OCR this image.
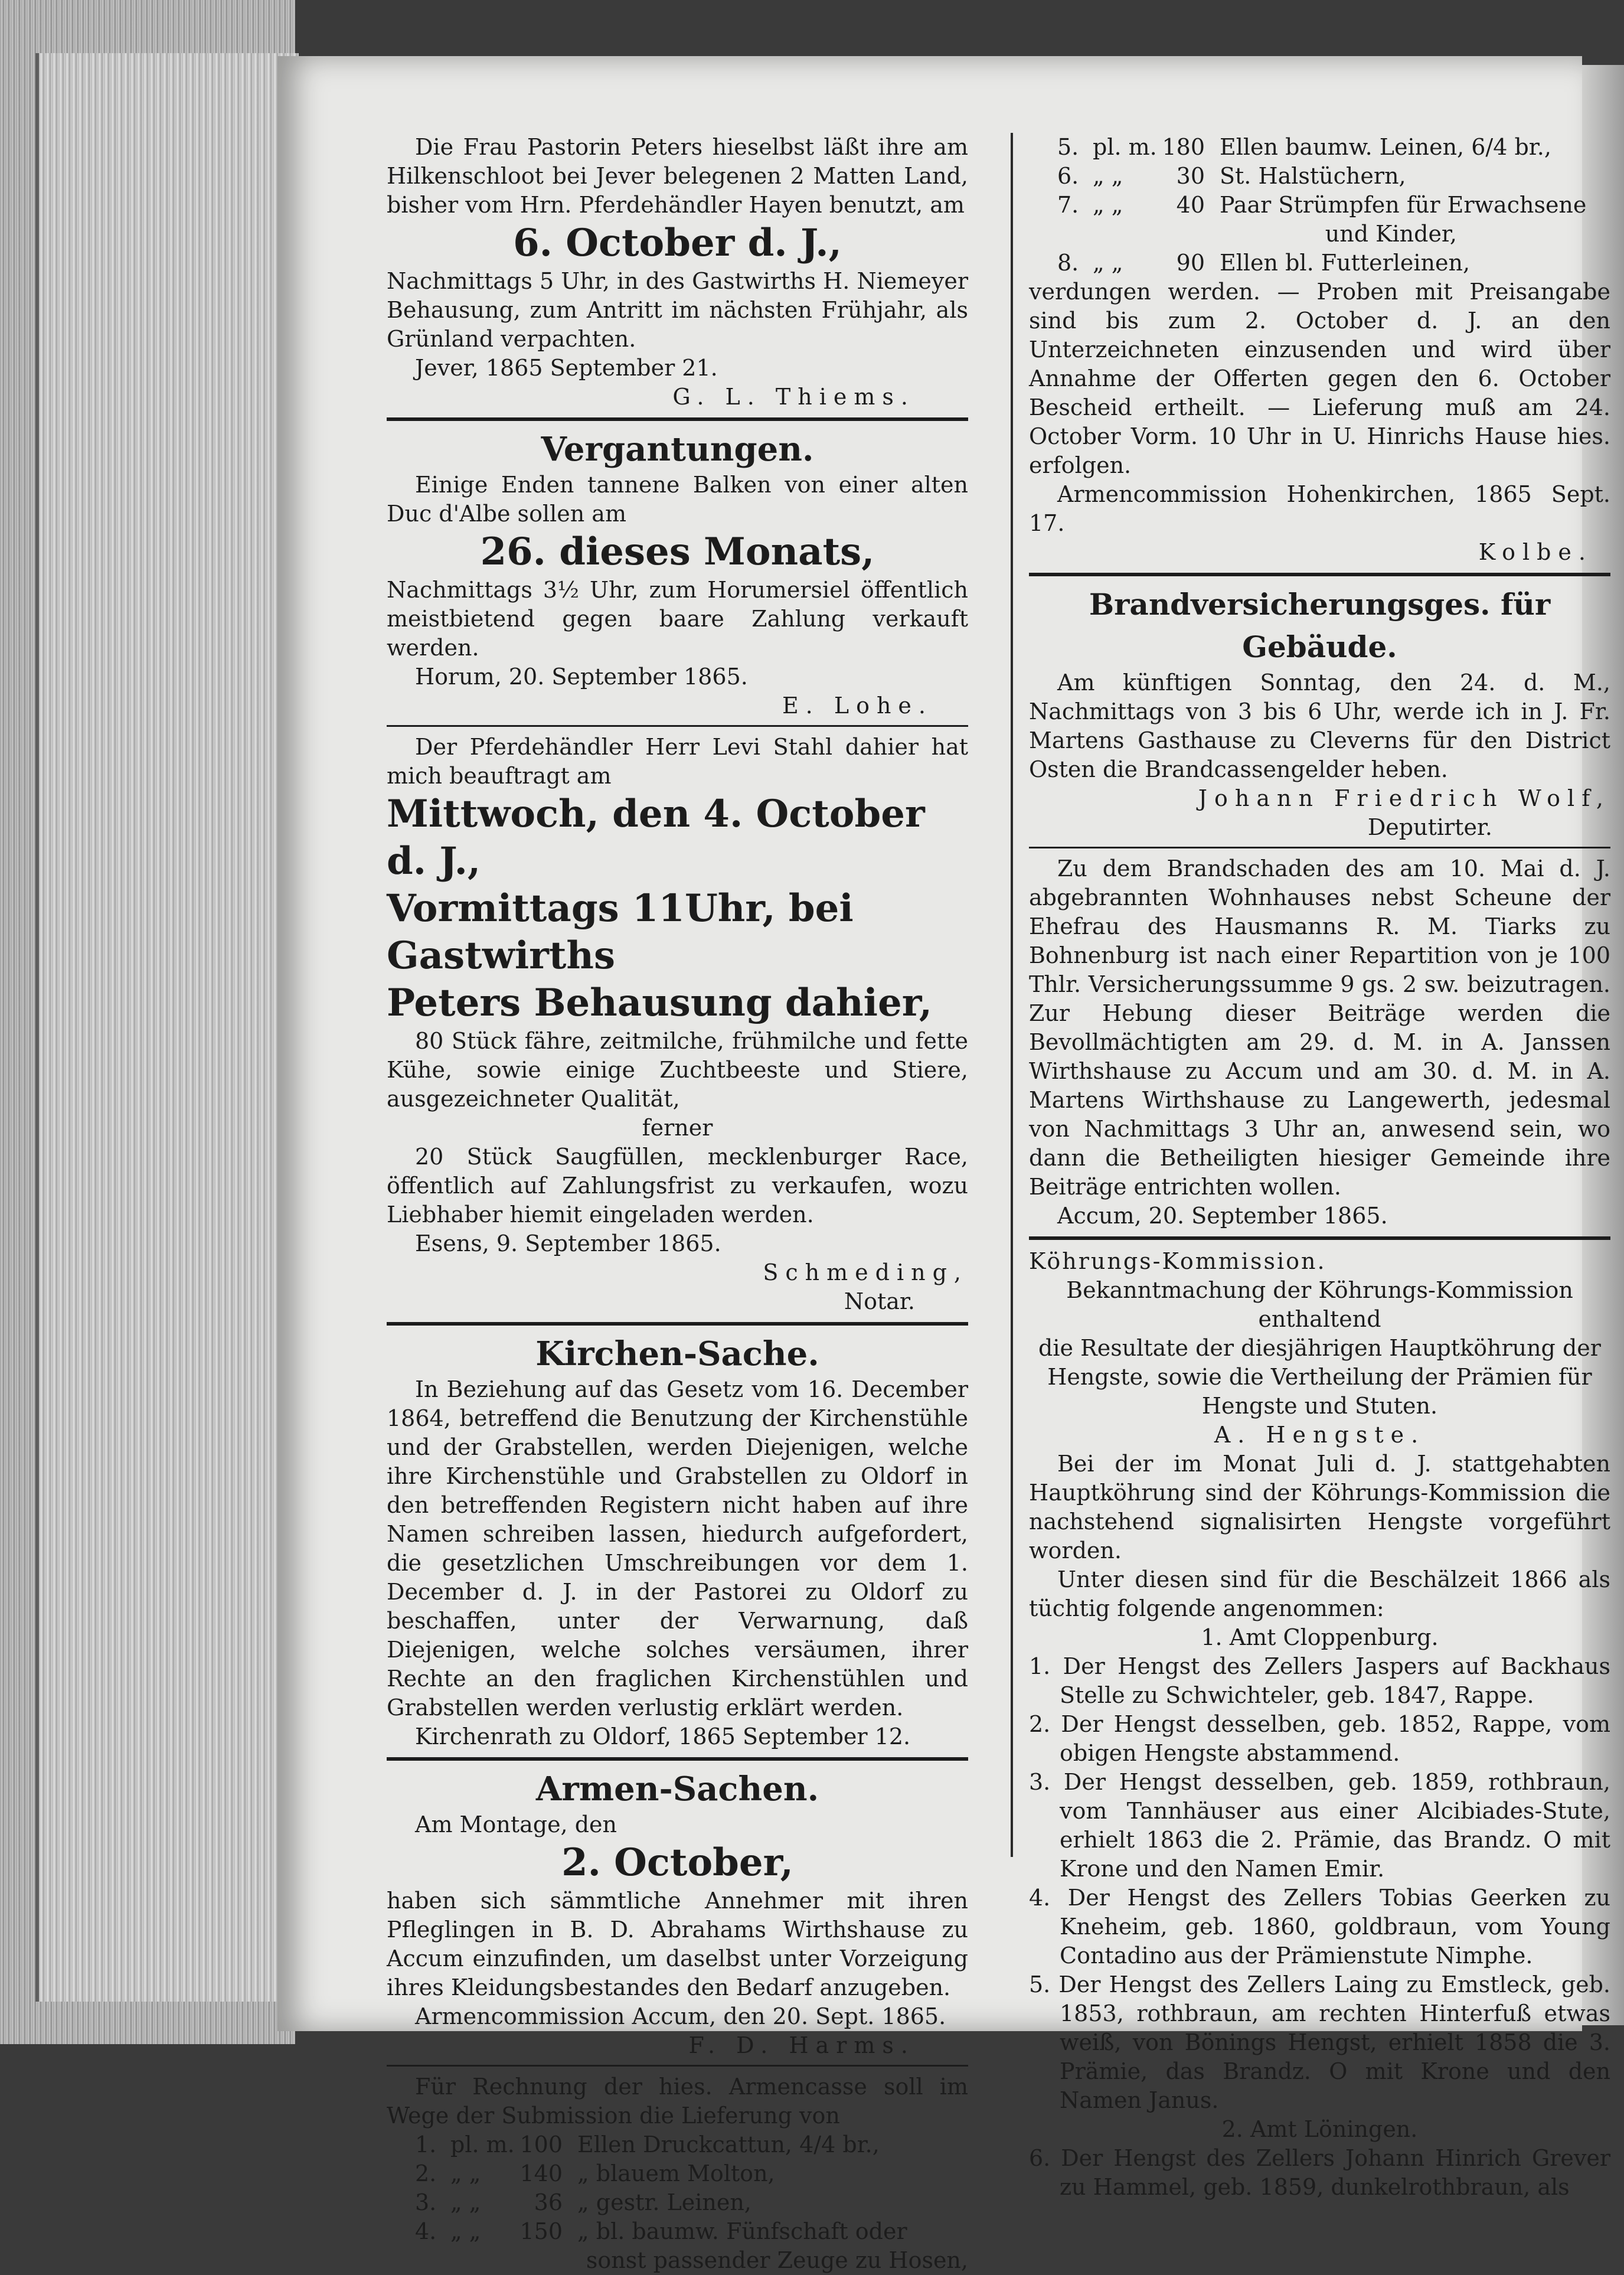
Die Frau Pastorin Peters hieselbst läßt ihre am Hilkenschloot bei Jever belegenen 2 Matten Land, bisher vom Hrn. Pferdehändler Hayen benutzt, am

6. October d. J.,

Nachmittags 5 Uhr, in des Gastwirths H. Niemeyer Behausung, zum Antritt im nächsten Frühjahr, als Grünland verpachten.

Jever, 1865 September 21.

G. L. Thiems.

Vergantungen.

Einige Enden tannene Balken von einer alten Duc d'Albe sollen am

26. dieses Monats,

Nachmittags 3½ Uhr, zum Horumersiel öffentlich meistbietend gegen baare Zahlung verkauft werden.

Horum, 20. September 1865.

E. Lohe.

Der Pferdehändler Herr Levi Stahl dahier hat mich beauftragt am

Mittwoch, den 4. October d. J.,

Vormittags 11Uhr, bei Gastwirths

Peters Behausung dahier,

80 Stück fähre, zeitmilche, frühmilche und fette Kühe, sowie einige Zuchtbeeste und Stiere, ausgezeichneter Qualität,

ferner

20 Stück Saugfüllen, mecklenburger Race, öffentlich auf Zahlungsfrist zu verkaufen, wozu Liebhaber hiemit eingeladen werden.

Esens, 9. September 1865.

Schmeding,

Notar.

Kirchen-Sache.

In Beziehung auf das Gesetz vom 16. December 1864, betreffend die Benutzung der Kirchenstühle und der Grabstellen, werden Diejenigen, welche ihre Kirchenstühle und Grabstellen zu Oldorf in den betreffenden Registern nicht haben auf ihre Namen schreiben lassen, hiedurch aufgefordert, die gesetzlichen Umschreibungen vor dem 1. December d. J. in der Pastorei zu Oldorf zu beschaffen, unter der Verwarnung, daß Diejenigen, welche solches versäumen, ihrer Rechte an den fraglichen Kirchenstühlen und Grabstellen werden verlustig erklärt werden.

Kirchenrath zu Oldorf, 1865 September 12.

Armen-Sachen.

Am Montage, den

2. October,

haben sich sämmtliche Annehmer mit ihren Pfleglingen in B. D. Abrahams Wirthshause zu Accum einzufinden, um daselbst unter Vorzeigung ihres Kleidungsbestandes den Bedarf anzugeben.

Armencommission Accum, den 20. Sept. 1865.

F. D. Harms.

Für Rechnung der hies. Armencasse soll im Wege der Submission die Lieferung von

1. pl. m. 100 Ellen Druckcattun, 4/4 br.,
2. „ „	140 „ blauem Molton,
3. „ „	36 „ gestr. Leinen,
4. „ „	150 „ bl. baumw. Fünfschaft oder

sonst passender Zeuge zu Hosen,

5. pl. m. 180 Ellen baumw. Leinen, 6/4 br.,
6. „ „	30 St. Halstüchern,
7. „ „	40 Paar Strümpfen für Erwachsene

und Kinder,

8. „ „	90 Ellen bl. Futterleinen,

verdungen werden. — Proben mit Preisangabe sind bis zum 2. October d. J. an den Unterzeichneten einzusenden und wird über Annahme der Offerten gegen den 6. October Bescheid ertheilt. — Lieferung muß am 24. October Vorm. 10 Uhr in U. Hinrichs Hause hies. erfolgen.

Armencommission Hohenkirchen, 1865 Sept. 17.

Kolbe.

Brandversicherungsges. für Gebäude.

Am künftigen Sonntag, den 24. d. M., Nachmittags von 3 bis 6 Uhr, werde ich in J. Fr. Martens Gasthause zu Cleverns für den District Osten die Brandcassengelder heben.

Johann Friedrich Wolf,

Deputirter.

Zu dem Brandschaden des am 10. Mai d. J. abgebrannten Wohnhauses nebst Scheune der Ehefrau des Hausmanns R. M. Tiarks zu Bohnenburg ist nach einer Repartition von je 100 Thlr. Versicherungssumme 9 gs. 2 sw. beizutragen. Zur Hebung dieser Beiträge werden die Bevollmächtigten am 29. d. M. in A. Janssen Wirthshause zu Accum und am 30. d. M. in A. Martens Wirthshause zu Langewerth, jedesmal von Nachmittags 3 Uhr an, anwesend sein, wo dann die Betheiligten hiesiger Gemeinde ihre Beiträge entrichten wollen.

Accum, 20. September 1865.

Köhrungs-Kommission.

Bekanntmachung der Köhrungs-Kommission

enthaltend

die Resultate der diesjährigen Hauptköhrung der Hengste, sowie die Vertheilung der Prämien für Hengste und Stuten.

A. Hengste.

Bei der im Monat Juli d. J. stattgehabten Hauptköhrung sind der Köhrungs-Kommission die nachstehend signalisirten Hengste vorgeführt worden.

Unter diesen sind für die Beschälzeit 1866 als tüchtig folgende angenommen:

1. Amt Cloppenburg.

1. Der Hengst des Zellers Jaspers auf Backhaus Stelle zu Schwichteler, geb. 1847, Rappe.

2. Der Hengst desselben, geb. 1852, Rappe, vom obigen Hengste abstammend.

3. Der Hengst desselben, geb. 1859, rothbraun, vom Tannhäuser aus einer Alcibiades-Stute, erhielt 1863 die 2. Prämie, das Brandz. O mit Krone und den Namen Emir.

4. Der Hengst des Zellers Tobias Geerken zu Kneheim, geb. 1860, goldbraun, vom Young Contadino aus der Prämienstute Nimphe.

5. Der Hengst des Zellers Laing zu Emstleck, geb. 1853, rothbraun, am rechten Hinterfuß etwas weiß, von Bönings Hengst, erhielt 1858 die 3. Prämie, das Brandz. O mit Krone und den Namen Janus.

2. Amt Löningen.

6. Der Hengst des Zellers Johann Hinrich Grever zu Hammel, geb. 1859, dunkelrothbraun, als
